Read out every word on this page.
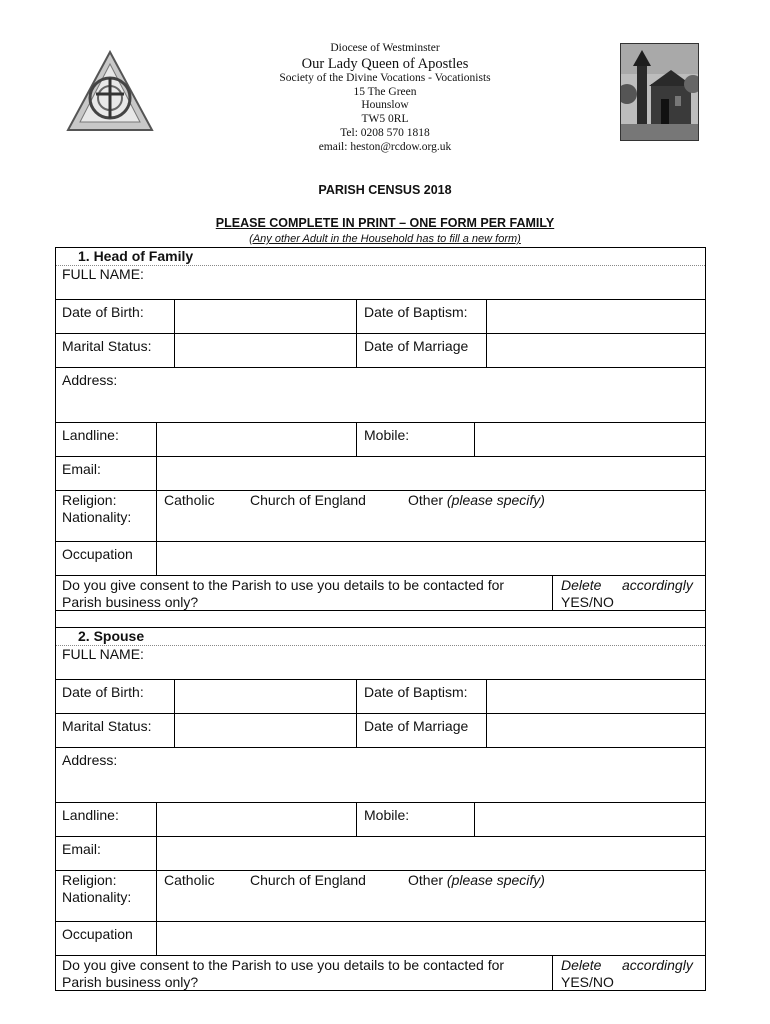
Diocese of Westminster
Our Lady Queen of Apostles
Society of the Divine Vocations - Vocationists
15 The Green
Hounslow
TW5 0RL
Tel: 0208 570 1818
email: heston@rcdow.org.uk
PARISH CENSUS 2018
PLEASE COMPLETE IN PRINT – ONE FORM PER FAMILY
(Any other Adult in the Household has to fill a new form)
1. Head of Family
FULL NAME:
Date of Birth:	Date of Baptism:
Marital Status:	Date of Marriage
Address:
Landline:	Mobile:
Email:
Religion:
Nationality:
Catholic	Church of England	Other (please specify)
Occupation
Do you give consent to the Parish to use you details to be contacted for
Parish business only?
Delete accordingly
YES/NO
2. Spouse
FULL NAME:
Date of Birth:	Date of Baptism:
Marital Status:	Date of Marriage
Address:
Landline:	Mobile:
Email:
Religion:
Nationality:
Catholic	Church of England	Other (please specify)
Occupation
Do you give consent to the Parish to use you details to be contacted for
Parish business only?
Delete accordingly
YES/NO
